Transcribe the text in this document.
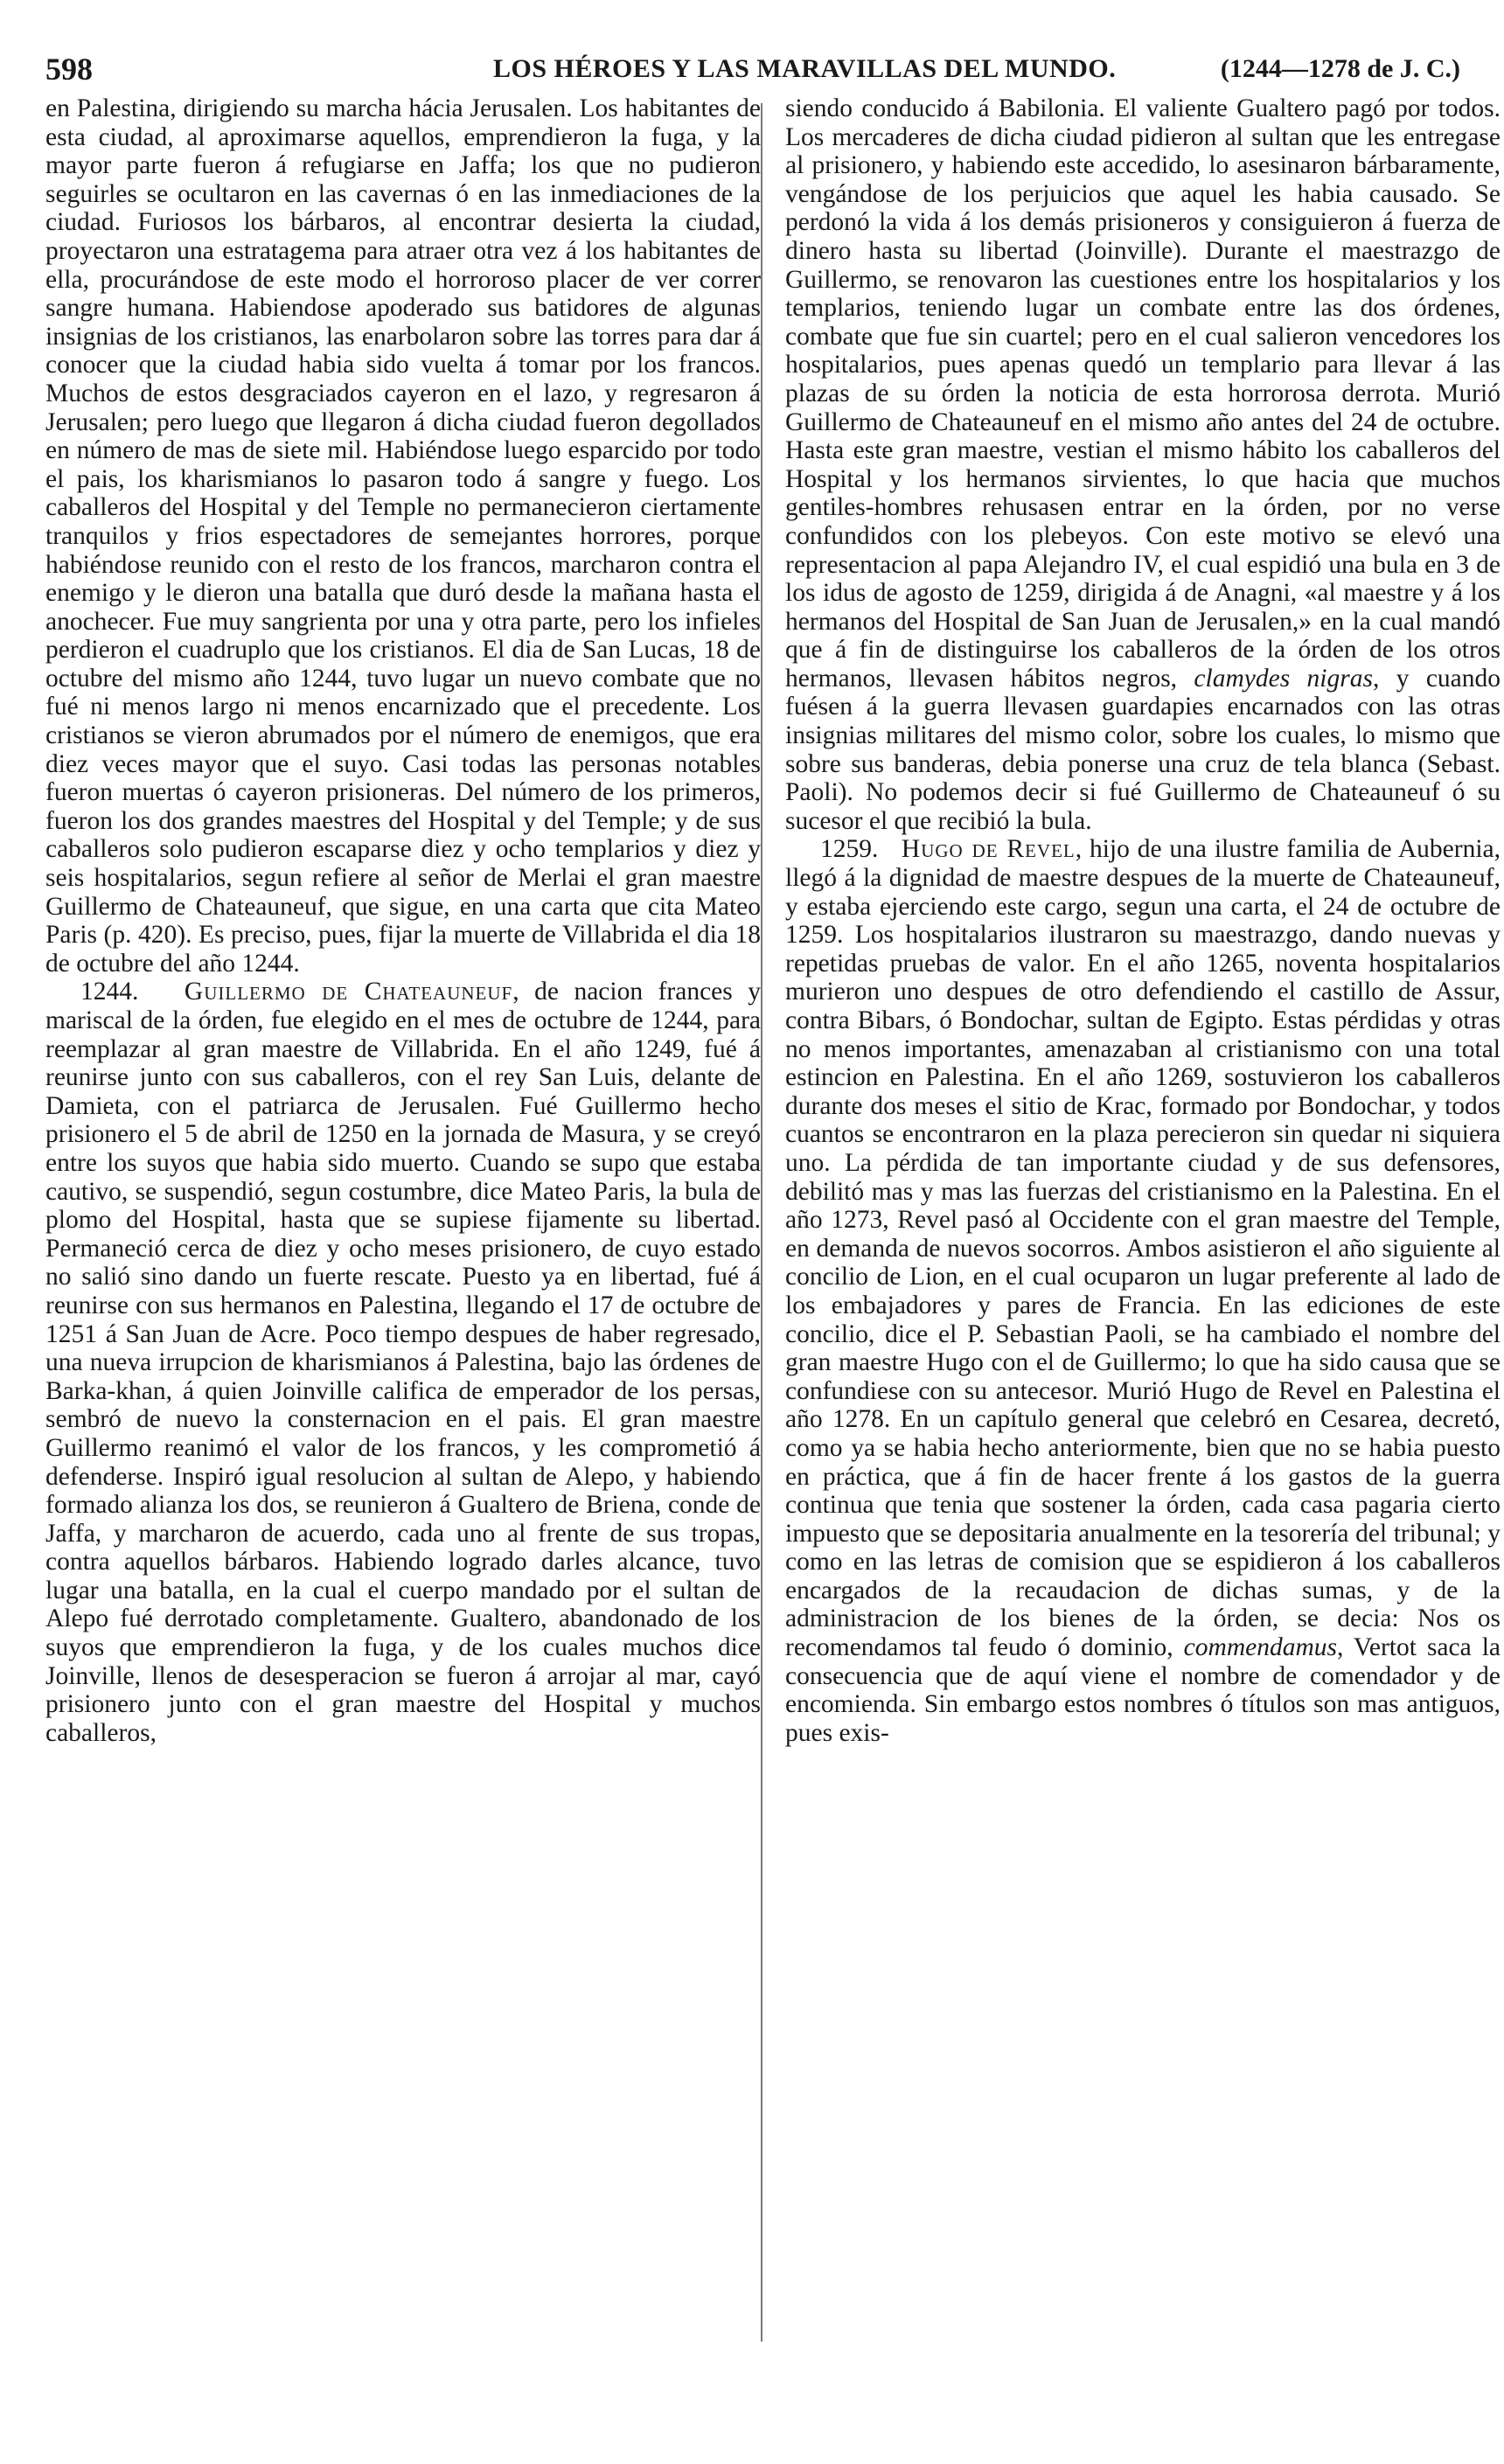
598	LOS HÉROES Y LAS MARAVILLAS DEL MUNDO.	(1244—1278 de J. C.)

en Palestina, dirigiendo su marcha hácia Jerusalen. Los habitantes de esta ciudad, al aproximarse aquellos, emprendieron la fuga, y la mayor parte fueron á refugiarse en Jaffa; los que no pudieron seguirles se ocultaron en las cavernas ó en las inmediaciones de la ciudad. Furiosos los bárbaros, al encontrar desierta la ciudad, proyectaron una estratagema para atraer otra vez á los habitantes de ella, procurándose de este modo el horroroso placer de ver correr sangre humana. Habiendose apoderado sus batidores de algunas insignias de los cristianos, las enarbolaron sobre las torres para dar á conocer que la ciudad habia sido vuelta á tomar por los francos. Muchos de estos desgraciados cayeron en el lazo, y regresaron á Jerusalen; pero luego que llegaron á dicha ciudad fueron degollados en número de mas de siete mil. Habiéndose luego esparcido por todo el pais, los kharismianos lo pasaron todo á sangre y fuego. Los caballeros del Hospital y del Temple no permanecieron ciertamente tranquilos y frios espectadores de semejantes horrores, porque habiéndose reunido con el resto de los francos, marcharon contra el enemigo y le dieron una batalla que duró desde la mañana hasta el anochecer. Fue muy sangrienta por una y otra parte, pero los infieles perdieron el cuadruplo que los cristianos. El dia de San Lucas, 18 de octubre del mismo año 1244, tuvo lugar un nuevo combate que no fué ni menos largo ni menos encarnizado que el precedente. Los cristianos se vieron abrumados por el número de enemigos, que era diez veces mayor que el suyo. Casi todas las personas notables fueron muertas ó cayeron prisioneras. Del número de los primeros, fueron los dos grandes maestres del Hospital y del Temple; y de sus caballeros solo pudieron escaparse diez y ocho templarios y diez y seis hospitalarios, segun refiere al señor de Merlai el gran maestre Guillermo de Chateauneuf, que sigue, en una carta que cita Mateo Paris (p. 420). Es preciso, pues, fijar la muerte de Villabrida el dia 18 de octubre del año 1244.

1244. Guillermo de Chateauneuf, de nacion frances y mariscal de la órden, fue elegido en el mes de octubre de 1244, para reemplazar al gran maestre de Villabrida. En el año 1249, fué á reunirse junto con sus caballeros, con el rey San Luis, delante de Damieta, con el patriarca de Jerusalen. Fué Guillermo hecho prisionero el 5 de abril de 1250 en la jornada de Masura, y se creyó entre los suyos que habia sido muerto. Cuando se supo que estaba cautivo, se suspendió, segun costumbre, dice Mateo Paris, la bula de plomo del Hospital, hasta que se supiese fijamente su libertad. Permaneció cerca de diez y ocho meses prisionero, de cuyo estado no salió sino dando un fuerte rescate. Puesto ya en libertad, fué á reunirse con sus hermanos en Palestina, llegando el 17 de octubre de 1251 á San Juan de Acre. Poco tiempo despues de haber regresado, una nueva irrupcion de kharismianos á Palestina, bajo las órdenes de Barka-khan, á quien Joinville califica de emperador de los persas, sembró de nuevo la consternacion en el pais. El gran maestre Guillermo reanimó el valor de los francos, y les comprometió á defenderse. Inspiró igual resolucion al sultan de Alepo, y habiendo formado alianza los dos, se reunieron á Gualtero de Briena, conde de Jaffa, y marcharon de acuerdo, cada uno al frente de sus tropas, contra aquellos bárbaros. Habiendo logrado darles alcance, tuvo lugar una batalla, en la cual el cuerpo mandado por el sultan de Alepo fué derrotado completamente. Gualtero, abandonado de los suyos que emprendieron la fuga, y de los cuales muchos dice Joinville, llenos de desesperacion se fueron á arrojar al mar, cayó prisionero junto con el gran maestre del Hospital y muchos caballeros,

siendo conducido á Babilonia. El valiente Gualtero pagó por todos. Los mercaderes de dicha ciudad pidieron al sultan que les entregase al prisionero, y habiendo este accedido, lo asesinaron bárbaramente, vengándose de los perjuicios que aquel les habia causado. Se perdonó la vida á los demás prisioneros y consiguieron á fuerza de dinero hasta su libertad (Joinville). Durante el maestrazgo de Guillermo, se renovaron las cuestiones entre los hospitalarios y los templarios, teniendo lugar un combate entre las dos órdenes, combate que fue sin cuartel; pero en el cual salieron vencedores los hospitalarios, pues apenas quedó un templario para llevar á las plazas de su órden la noticia de esta horrorosa derrota. Murió Guillermo de Chateauneuf en el mismo año antes del 24 de octubre. Hasta este gran maestre, vestian el mismo hábito los caballeros del Hospital y los hermanos sirvientes, lo que hacia que muchos gentiles-hombres rehusasen entrar en la órden, por no verse confundidos con los plebeyos. Con este motivo se elevó una representacion al papa Alejandro IV, el cual espidió una bula en 3 de los idus de agosto de 1259, dirigida á de Anagni, «al maestre y á los hermanos del Hospital de San Juan de Jerusalen,» en la cual mandó que á fin de distinguirse los caballeros de la órden de los otros hermanos, llevasen hábitos negros, clamydes nigras, y cuando fuésen á la guerra llevasen guardapies encarnados con las otras insignias militares del mismo color, sobre los cuales, lo mismo que sobre sus banderas, debia ponerse una cruz de tela blanca (Sebast. Paoli). No podemos decir si fué Guillermo de Chateauneuf ó su sucesor el que recibió la bula.

1259. Hugo de Revel, hijo de una ilustre familia de Aubernia, llegó á la dignidad de maestre despues de la muerte de Chateauneuf, y estaba ejerciendo este cargo, segun una carta, el 24 de octubre de 1259. Los hospitalarios ilustraron su maestrazgo, dando nuevas y repetidas pruebas de valor. En el año 1265, noventa hospitalarios murieron uno despues de otro defendiendo el castillo de Assur, contra Bibars, ó Bondochar, sultan de Egipto. Estas pérdidas y otras no menos importantes, amenazaban al cristianismo con una total estincion en Palestina. En el año 1269, sostuvieron los caballeros durante dos meses el sitio de Krac, formado por Bondochar, y todos cuantos se encontraron en la plaza perecieron sin quedar ni siquiera uno. La pérdida de tan importante ciudad y de sus defensores, debilitó mas y mas las fuerzas del cristianismo en la Palestina. En el año 1273, Revel pasó al Occidente con el gran maestre del Temple, en demanda de nuevos socorros. Ambos asistieron el año siguiente al concilio de Lion, en el cual ocuparon un lugar preferente al lado de los embajadores y pares de Francia. En las ediciones de este concilio, dice el P. Sebastian Paoli, se ha cambiado el nombre del gran maestre Hugo con el de Guillermo; lo que ha sido causa que se confundiese con su antecesor. Murió Hugo de Revel en Palestina el año 1278. En un capítulo general que celebró en Cesarea, decretó, como ya se habia hecho anteriormente, bien que no se habia puesto en práctica, que á fin de hacer frente á los gastos de la guerra continua que tenia que sostener la órden, cada casa pagaria cierto impuesto que se depositaria anualmente en la tesorería del tribunal; y como en las letras de comision que se espidieron á los caballeros encargados de la recaudacion de dichas sumas, y de la administracion de los bienes de la órden, se decia: Nos os recomendamos tal feudo ó dominio, commendamus, Vertot saca la consecuencia que de aquí viene el nombre de comendador y de encomienda. Sin embargo estos nombres ó títulos son mas antiguos, pues exis-
